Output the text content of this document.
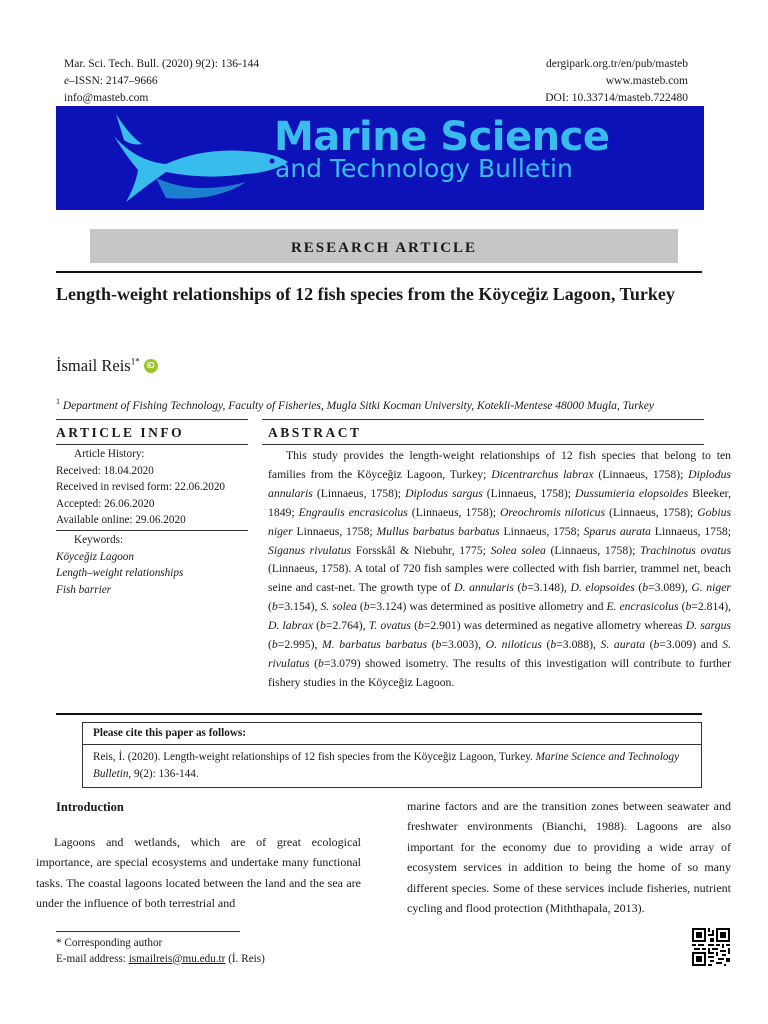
Mar. Sci. Tech. Bull. (2020) 9(2): 136-144
e–ISSN: 2147–9666
info@masteb.com
dergipark.org.tr/en/pub/masteb
www.masteb.com
DOI: 10.33714/masteb.722480
Marine Science
and Technology Bulletin
RESEARCH ARTICLE
Length-weight relationships of 12 fish species from the Köyceğiz Lagoon, Turkey
İsmail Reis$^{1*}$ iD
$^1$ Department of Fishing Technology, Faculty of Fisheries, Mugla Sitki Kocman University, Kotekli-Mentese 48000 Mugla, Turkey
ARTICLE INFO
Article History:
Received: 18.04.2020
Received in revised form: 22.06.2020
Accepted: 26.06.2020
Available online: 29.06.2020
Keywords:
Köyceğiz Lagoon
Length–weight relationships
Fish barrier
ABSTRACT
This study provides the length-weight relationships of 12 fish species that belong to ten families from the Köyceğiz Lagoon, Turkey; Dicentrarchus labrax (Linnaeus, 1758); Diplodus annularis (Linnaeus, 1758); Diplodus sargus (Linnaeus, 1758); Dussumieria elopsoides Bleeker, 1849; Engraulis encrasicolus (Linnaeus, 1758); Oreochromis niloticus (Linnaeus, 1758); Gobius niger Linnaeus, 1758; Mullus barbatus barbatus Linnaeus, 1758; Sparus aurata Linnaeus, 1758; Siganus rivulatus Forsskål & Niebuhr, 1775; Solea solea (Linnaeus, 1758); Trachinotus ovatus (Linnaeus, 1758). A total of 720 fish samples were collected with fish barrier, trammel net, beach seine and cast-net. The growth type of D. annularis (b=3.148), D. elopsoides (b=3.089), G. niger (b=3.154), S. solea (b=3.124) was determined as positive allometry and E. encrasicolus (b=2.814), D. labrax (b=2.764), T. ovatus (b=2.901) was determined as negative allometry whereas D. sargus (b=2.995), M. barbatus barbatus (b=3.003), O. niloticus (b=3.088), S. aurata (b=3.009) and S. rivulatus (b=3.079) showed isometry. The results of this investigation will contribute to further fishery studies in the Köyceğiz Lagoon.
Please cite this paper as follows:
Reis, İ. (2020). Length-weight relationships of 12 fish species from the Köyceğiz Lagoon, Turkey. Marine Science and Technology Bulletin, 9(2): 136-144.
Introduction
Lagoons and wetlands, which are of great ecological importance, are special ecosystems and undertake many functional tasks. The coastal lagoons located between the land and the sea are under the influence of both terrestrial and
marine factors and are the transition zones between seawater and freshwater environments (Bianchi, 1988). Lagoons are also important for the economy due to providing a wide array of ecosystem services in addition to being the home of so many different species. Some of these services include fisheries, nutrient cycling and flood protection (Miththapala, 2013).
* Corresponding author
E-mail address: ismailreis@mu.edu.tr (İ. Reis)
